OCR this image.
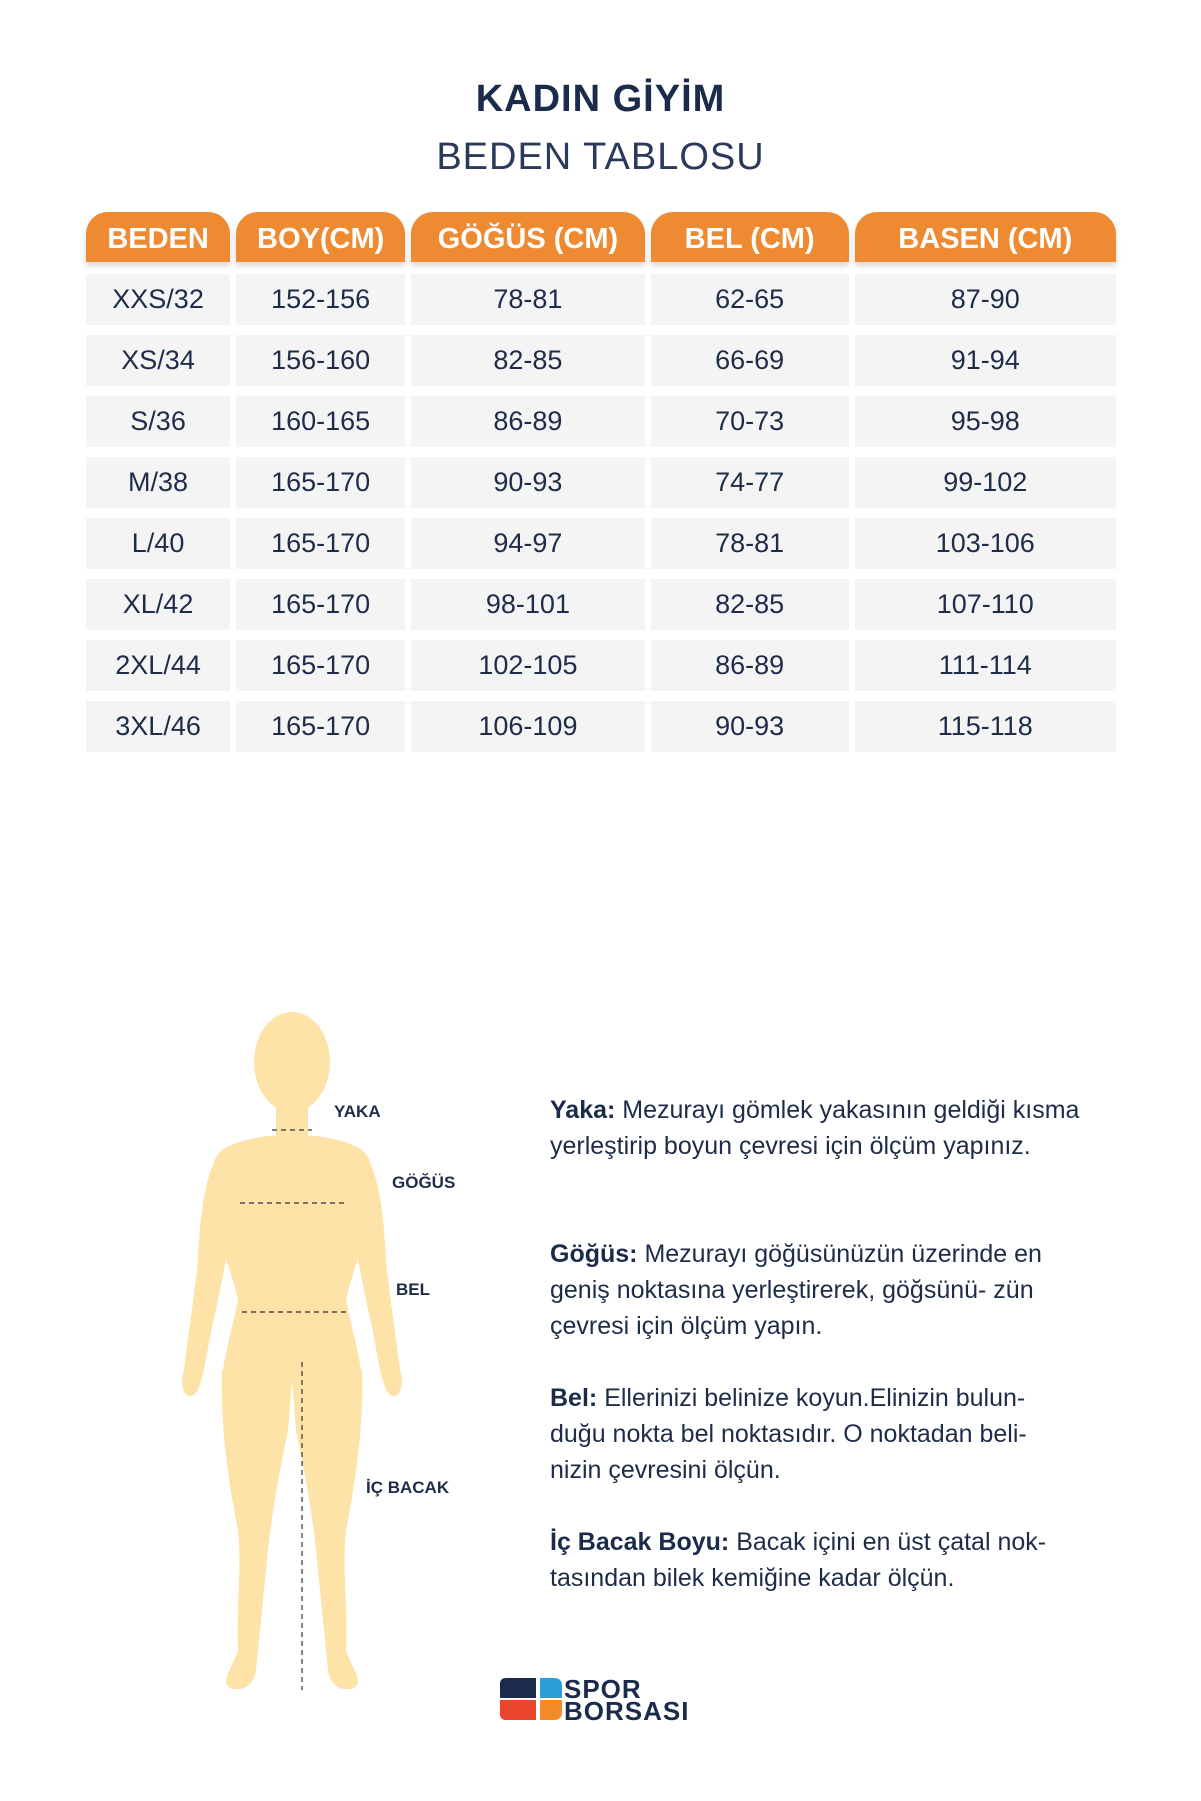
KADIN GİYİM
BEDEN TABLOSU
BEDEN	BOY(CM)	GÖĞÜS (CM)	BEL (CM)	BASEN (CM)
XXS/32	152-156	78-81	62-65	87-90
XS/34	156-160	82-85	66-69	91-94
S/36	160-165	86-89	70-73	95-98
M/38	165-170	90-93	74-77	99-102
L/40	165-170	94-97	78-81	103-106
XL/42	165-170	98-101	82-85	107-110
2XL/44	165-170	102-105	86-89	111-114
3XL/46	165-170	106-109	90-93	115-118
YAKA
GÖĞÜS
BEL
İÇ BACAK
Yaka: Mezurayı gömlek yakasının geldiği kısma yerleştirip boyun çevresi için ölçüm yapınız.
Göğüs: Mezurayı göğüsünüzün üzerinde en geniş noktasına yerleştirerek, göğsünü- zün çevresi için ölçüm yapın.
Bel: Ellerinizi belinize koyun.Elinizin bulun- duğu nokta bel noktasıdır. O noktadan beli- nizin çevresini ölçün.
İç Bacak Boyu: Bacak içini en üst çatal nok- tasından bilek kemiğine kadar ölçün.
SPOR
BORSASI
